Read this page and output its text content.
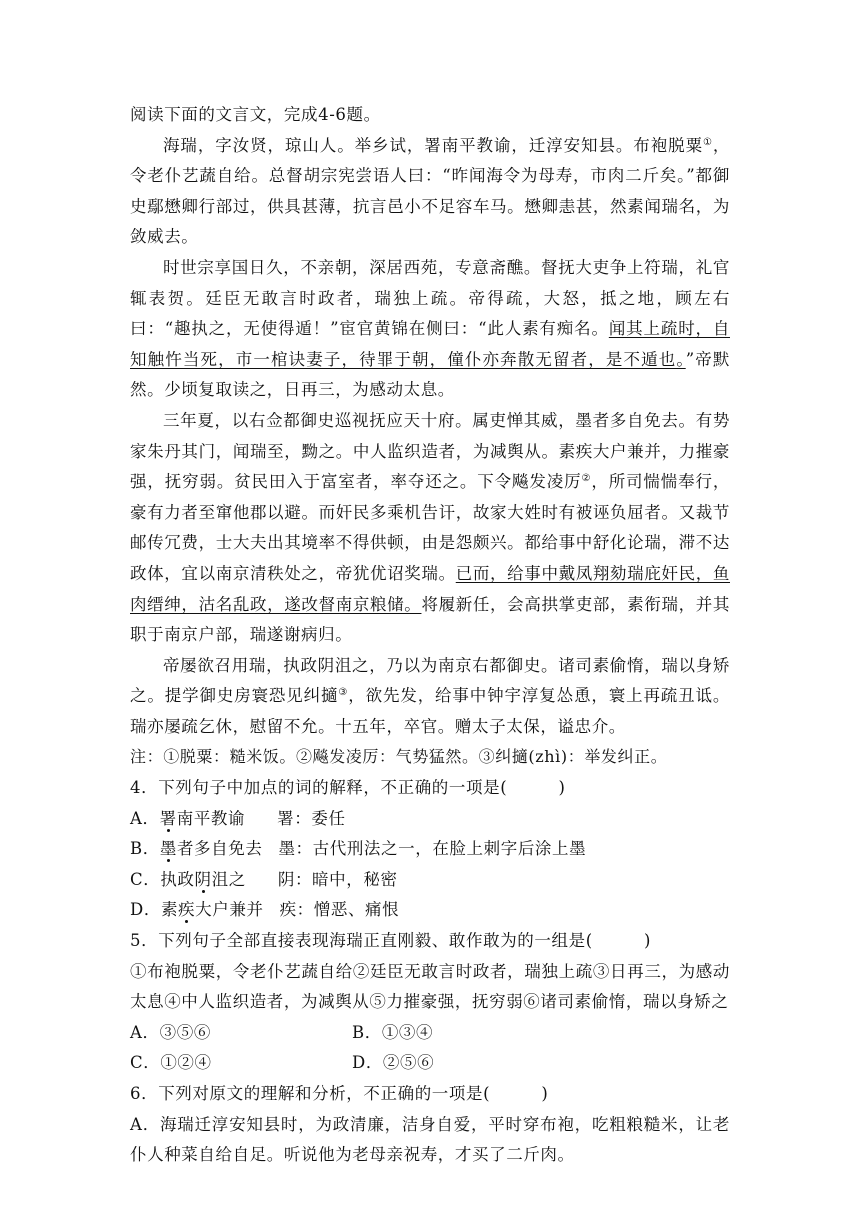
阅读下面的文言文，完成4-6题。

海瑞，字汝贤，琼山人。举乡试，署南平教谕，迁淳安知县。布袍脱粟①，令老仆艺蔬自给。总督胡宗宪尝语人曰：“昨闻海令为母寿，市肉二斤矣。”都御史鄢懋卿行部过，供具甚薄，抗言邑小不足容车马。懋卿恚甚，然素闻瑞名，为敛威去。

时世宗享国日久，不亲朝，深居西苑，专意斋醮。督抚大吏争上符瑞，礼官辄表贺。廷臣无敢言时政者，瑞独上疏。帝得疏，大怒，抵之地，顾左右曰：“趣执之，无使得遁！”宦官黄锦在侧曰：“此人素有痴名。闻其上疏时，自知触忤当死，市一棺诀妻子，待罪于朝，僮仆亦奔散无留者，是不遁也。”帝默然。少顷复取读之，日再三，为感动太息。

三年夏，以右佥都御史巡视抚应天十府。属吏惮其威，墨者多自免去。有势家朱丹其门，闻瑞至，黝之。中人监织造者，为减舆从。素疾大户兼并，力摧豪强，抚穷弱。贫民田入于富室者，率夺还之。下令飚发凌厉②，所司惴惴奉行，豪有力者至窜他郡以避。而奸民多乘机告讦，故家大姓时有被诬负屈者。又裁节邮传冗费，士大夫出其境率不得供顿，由是怨颇兴。都给事中舒化论瑞，滞不达政体，宜以南京清秩处之，帝犹优诏奖瑞。已而，给事中戴凤翔劾瑞庇奸民，鱼肉缙绅，沽名乱政，遂改督南京粮储。将履新任，会高拱掌吏部，素衔瑞，并其职于南京户部，瑞遂谢病归。

帝屡欲召用瑞，执政阴沮之，乃以为南京右都御史。诸司素偷惰，瑞以身矫之。提学御史房寰恐见纠擿③，欲先发，给事中钟宇淳复怂恿，寰上再疏丑诋。瑞亦屡疏乞休，慰留不允。十五年，卒官。赠太子太保，谥忠介。

注：①脱粟：糙米饭。②飚发凌厉：气势猛然。③纠擿(zhì)：举发纠正。

4．下列句子中加点的词的解释，不正确的一项是(　　　)

A．署南平教谕 署：委任

B．墨者多自免去 墨：古代刑法之一，在脸上刺字后涂上墨

C．执政阴沮之 阴：暗中，秘密

D．素疾大户兼并 疾：憎恶、痛恨

5．下列句子全部直接表现海瑞正直刚毅、敢作敢为的一组是(　　　)

①布袍脱粟，令老仆艺蔬自给②廷臣无敢言时政者，瑞独上疏③日再三，为感动太息④中人监织造者，为减舆从⑤力摧豪强，抚穷弱⑥诸司素偷惰，瑞以身矫之

A．③⑤⑥	B．①③④
C．①②④	D．②⑤⑥

6．下列对原文的理解和分析，不正确的一项是(　　　)

A．海瑞迁淳安知县时，为政清廉，洁身自爱，平时穿布袍，吃粗粮糙米，让老仆人种菜自给自足。听说他为老母亲祝寿，才买了二斤肉。
